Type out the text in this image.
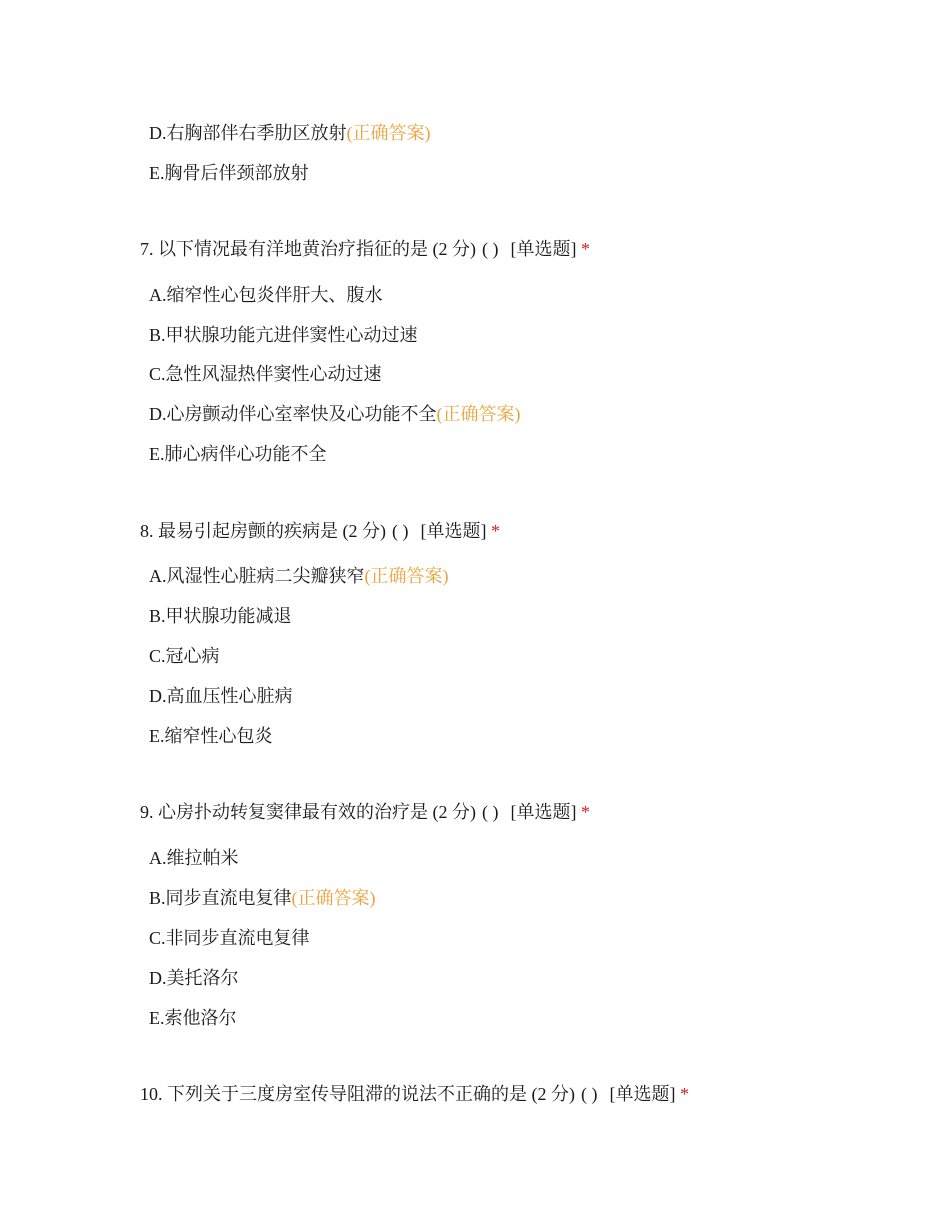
D.右胸部伴右季肋区放射(正确答案)
E.胸骨后伴颈部放射
7. 以下情况最有洋地黄治疗指征的是 (2 分) ( ) [单选题] *
A.缩窄性心包炎伴肝大、腹水
B.甲状腺功能亢进伴窦性心动过速
C.急性风湿热伴窦性心动过速
D.心房颤动伴心室率快及心功能不全(正确答案)
E.肺心病伴心功能不全
8. 最易引起房颤的疾病是 (2 分) ( ) [单选题] *
A.风湿性心脏病二尖瓣狭窄(正确答案)
B.甲状腺功能减退
C.冠心病
D.高血压性心脏病
E.缩窄性心包炎
9. 心房扑动转复窦律最有效的治疗是 (2 分) ( ) [单选题] *
A.维拉帕米
B.同步直流电复律(正确答案)
C.非同步直流电复律
D.美托洛尔
E.索他洛尔
10. 下列关于三度房室传导阻滞的说法不正确的是 (2 分) ( ) [单选题] *
